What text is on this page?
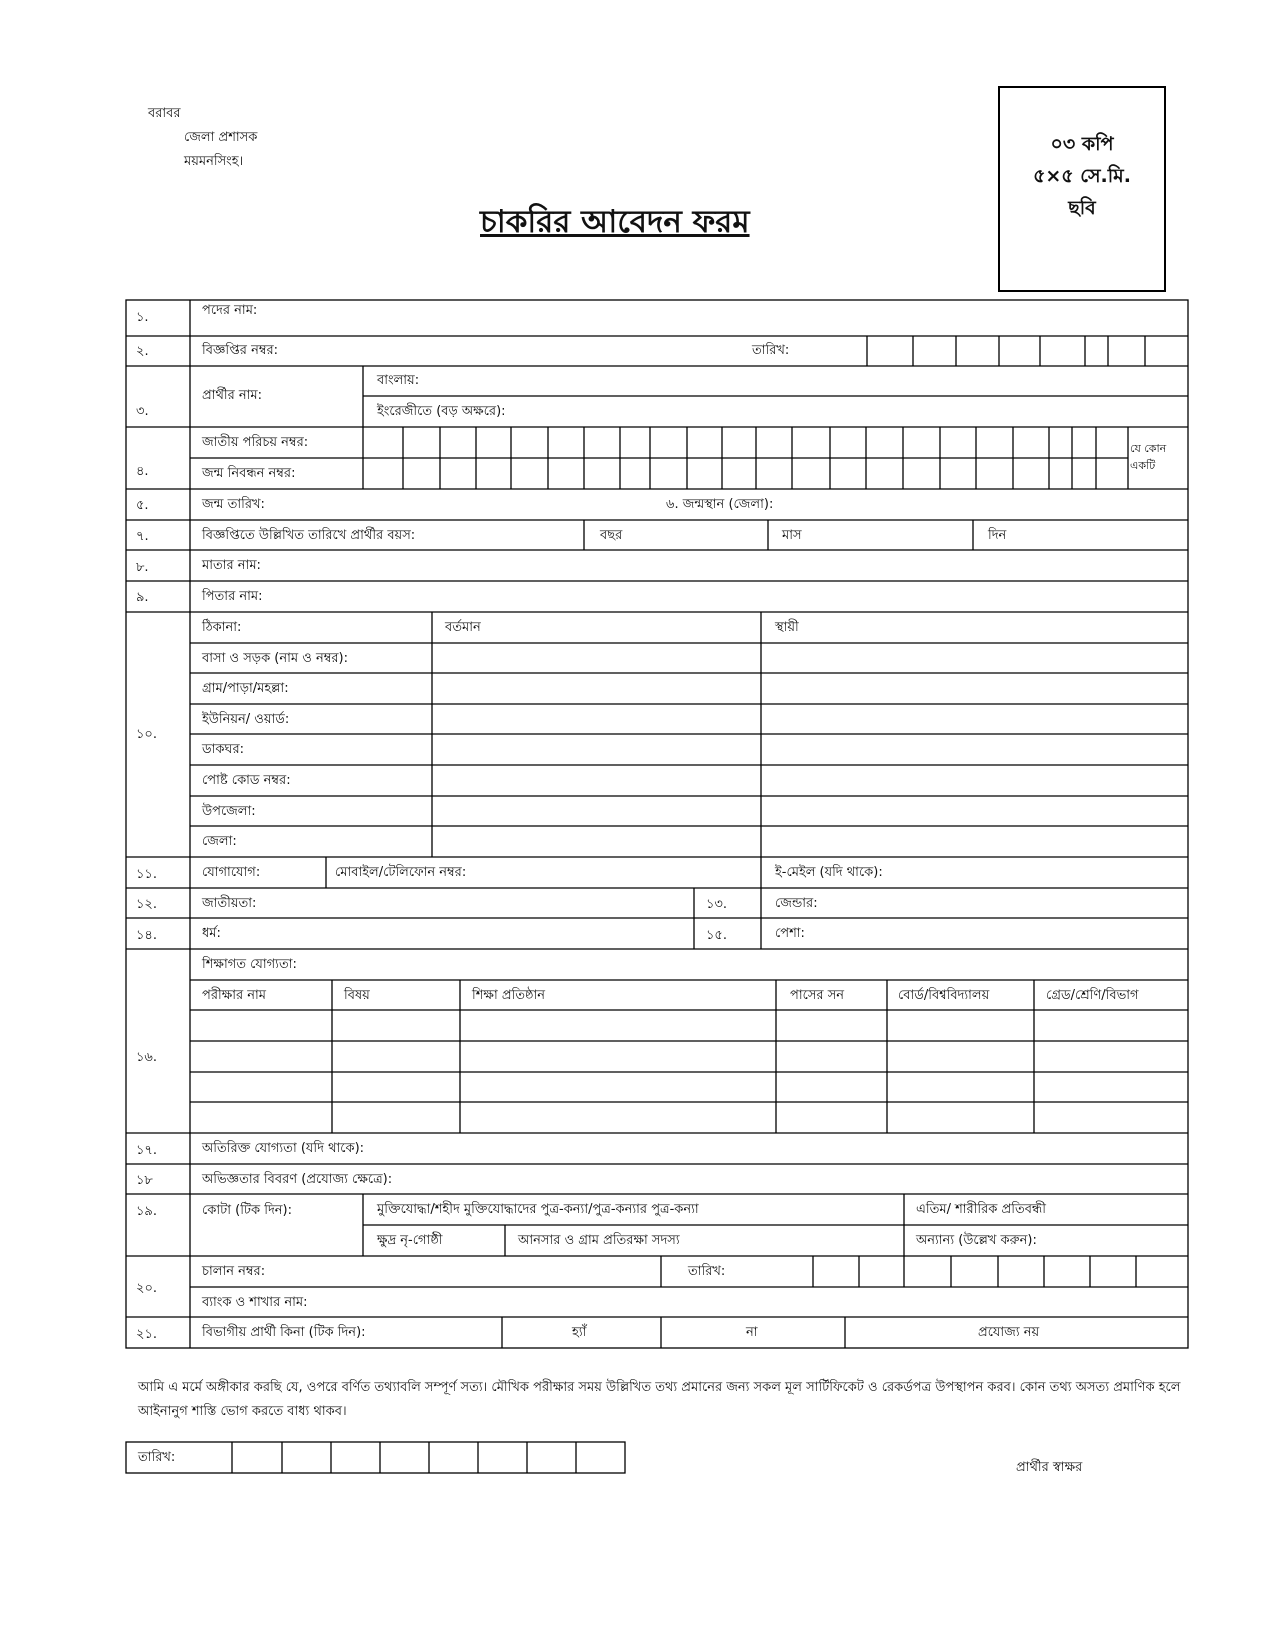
বরাবর
জেলা প্রশাসক
ময়মনসিংহ।
০৩ কপি
৫×৫ সে.মি.
ছবি
চাকরির আবেদন ফরম
১.	পদের নাম:
২.	বিজ্ঞপ্তির নম্বর:	তারিখ:
৩.
প্রার্থীর নাম:
বাংলায়:
ইংরেজীতে (বড় অক্ষরে):
৪.
জাতীয় পরিচয় নম্বর:
জন্ম নিবন্ধন নম্বর:
যে কোন একটি
৫.	জন্ম তারিখ:	৬. জন্মস্থান (জেলা):
৭.	বিজ্ঞপ্তিতে উল্লিখিত তারিখে প্রার্থীর বয়স:	বছর	মাস	দিন
৮.	মাতার নাম:
৯.	পিতার নাম:
১০.
ঠিকানা:	বর্তমান	স্থায়ী
বাসা ও সড়ক (নাম ও নম্বর):
গ্রাম/পাড়া/মহল্লা:
ইউনিয়ন/ ওয়ার্ড:
ডাকঘর:
পোষ্ট কোড নম্বর:
উপজেলা:
জেলা:
১১.	যোগাযোগ:	মোবাইল/টেলিফোন নম্বর:	ই-মেইল (যদি থাকে):
১২.	জাতীয়তা:	১৩.	জেন্ডার:
১৪.	ধর্ম:	১৫.	পেশা:
১৬.
শিক্ষাগত যোগ্যতা:
পরীক্ষার নাম	বিষয়	শিক্ষা প্রতিষ্ঠান	পাসের সন	বোর্ড/বিশ্ববিদ্যালয়	গ্রেড/শ্রেণি/বিভাগ
১৭.	অতিরিক্ত যোগ্যতা (যদি থাকে):
১৮	অভিজ্ঞতার বিবরণ (প্রযোজ্য ক্ষেত্রে):
১৯.	কোটা (টিক দিন):	মুক্তিযোদ্ধা/শহীদ মুক্তিযোদ্ধাদের পুত্র-কন্যা/পুত্র-কন্যার পুত্র-কন্যা	এতিম/ শারীরিক প্রতিবন্ধী
ক্ষুদ্র নৃ-গোষ্ঠী	আনসার ও গ্রাম প্রতিরক্ষা সদস্য	অন্যান্য (উল্লেখ করুন):
২০.
চালান নম্বর:	তারিখ:
ব্যাংক ও শাখার নাম:
২১.	বিভাগীয় প্রার্থী কিনা (টিক দিন):	হ্যাঁ	না	প্রযোজ্য নয়
আমি এ মর্মে অঙ্গীকার করছি যে, ওপরে বর্ণিত তথ্যাবলি সম্পূর্ণ সত্য। মৌখিক পরীক্ষার সময় উল্লিখিত তথ্য প্রমানের জন্য সকল মূল সার্টিফিকেট ও রেকর্ডপত্র উপস্থাপন করব। কোন তথ্য অসত্য প্রমাণিক হলে আইনানুগ শাস্তি ভোগ করতে বাধ্য থাকব।
তারিখ:
প্রার্থীর স্বাক্ষর
